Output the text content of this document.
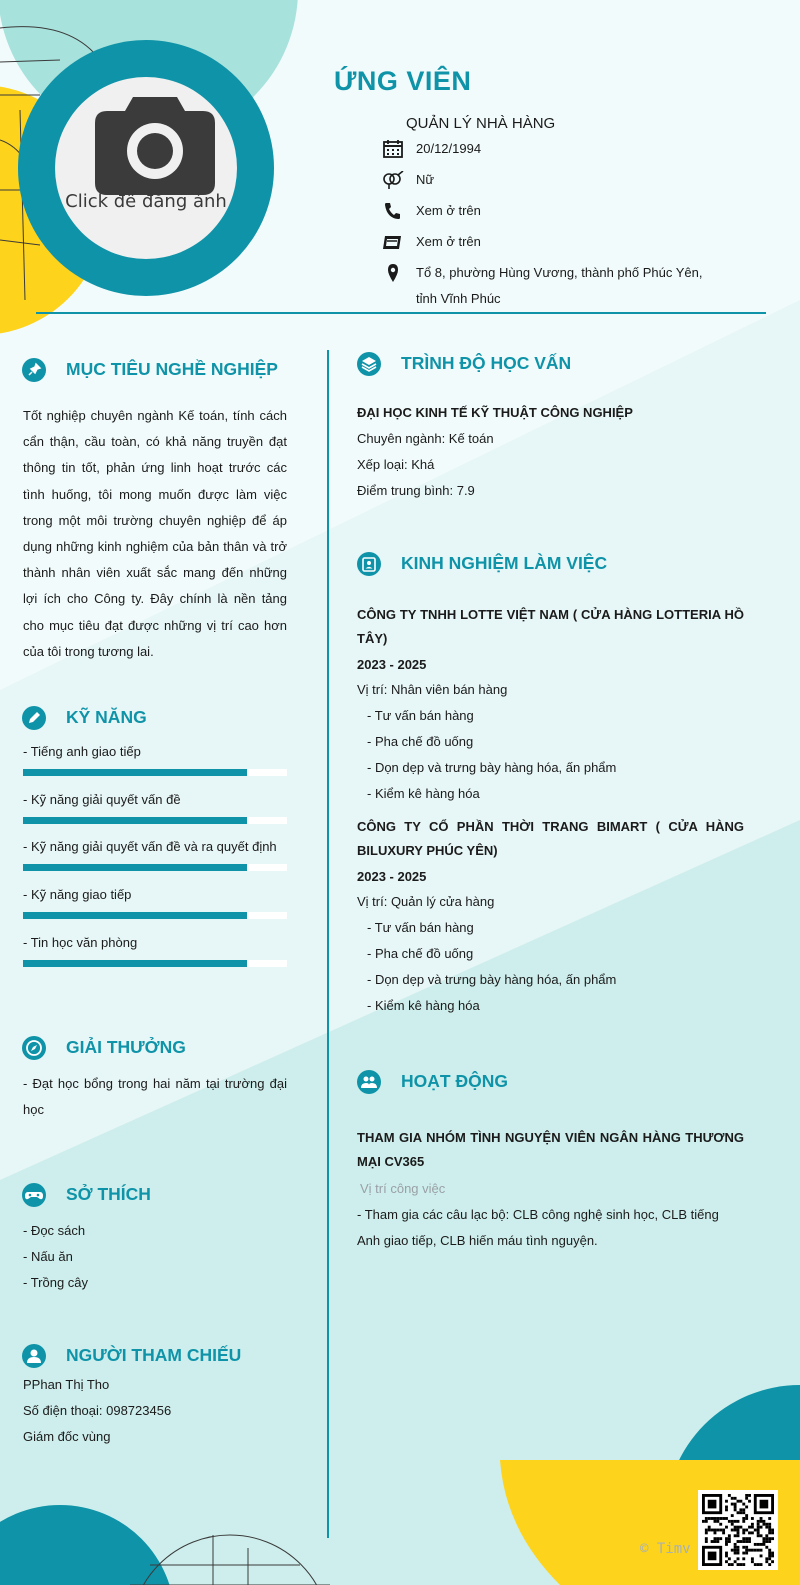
Click để đăng ảnh
ỨNG VIÊN
QUẢN LÝ NHÀ HÀNG
20/12/1994
Nữ
Xem ở trên
Xem ở trên
Tổ 8, phường Hùng Vương, thành phố Phúc Yên,
tỉnh Vĩnh Phúc
MỤC TIÊU NGHỀ NGHIỆP
Tốt nghiệp chuyên ngành Kế toán, tính cách cẩn thận, cầu toàn, có khả năng truyền đạt thông tin tốt, phản ứng linh hoạt trước các tình huống, tôi mong muốn được làm việc trong một môi trường chuyên nghiệp để áp dụng những kinh nghiệm của bản thân và trở thành nhân viên xuất sắc mang đến những lợi ích cho Công ty. Đây chính là nền tảng cho mục tiêu đạt được những vị trí cao hơn của tôi trong tương lai.
KỸ NĂNG
- Tiếng anh giao tiếp
- Kỹ năng giải quyết vấn đề
- Kỹ năng giải quyết vấn đề và ra quyết định
- Kỹ năng giao tiếp
- Tin học văn phòng
GIẢI THƯỞNG
- Đạt học bổng trong hai năm tại trường đại học
SỞ THÍCH
- Đọc sách
- Nấu ăn
- Trồng cây
NGƯỜI THAM CHIẾU
PPhan Thị Tho
Số điện thoại: 098723456
Giám đốc vùng
TRÌNH ĐỘ HỌC VẤN
ĐẠI HỌC KINH TẾ KỸ THUẬT CÔNG NGHIỆP
Chuyên ngành: Kế toán
Xếp loại: Khá
Điểm trung bình: 7.9
KINH NGHIỆM LÀM VIỆC
CÔNG TY TNHH LOTTE VIỆT NAM ( CỬA HÀNG LOTTERIA HỒ TÂY)
2023 - 2025
Vị trí: Nhân viên bán hàng
- Tư vấn bán hàng
- Pha chế đồ uống
- Dọn dẹp và trưng bày hàng hóa, ấn phẩm
- Kiểm kê hàng hóa
CÔNG TY CỔ PHẦN THỜI TRANG BIMART ( CỬA HÀNG BILUXURY PHÚC YÊN)
2023 - 2025
Vị trí: Quản lý cửa hàng
- Tư vấn bán hàng
- Pha chế đồ uống
- Dọn dẹp và trưng bày hàng hóa, ấn phẩm
- Kiểm kê hàng hóa
HOẠT ĐỘNG
THAM GIA NHÓM TÌNH NGUYỆN VIÊN NGÂN HÀNG THƯƠNG MẠI CV365
Vị trí công việc
- Tham gia các câu lạc bộ: CLB công nghệ sinh học, CLB tiếng Anh giao tiếp, CLB hiến máu tình nguyện.
© Timv
